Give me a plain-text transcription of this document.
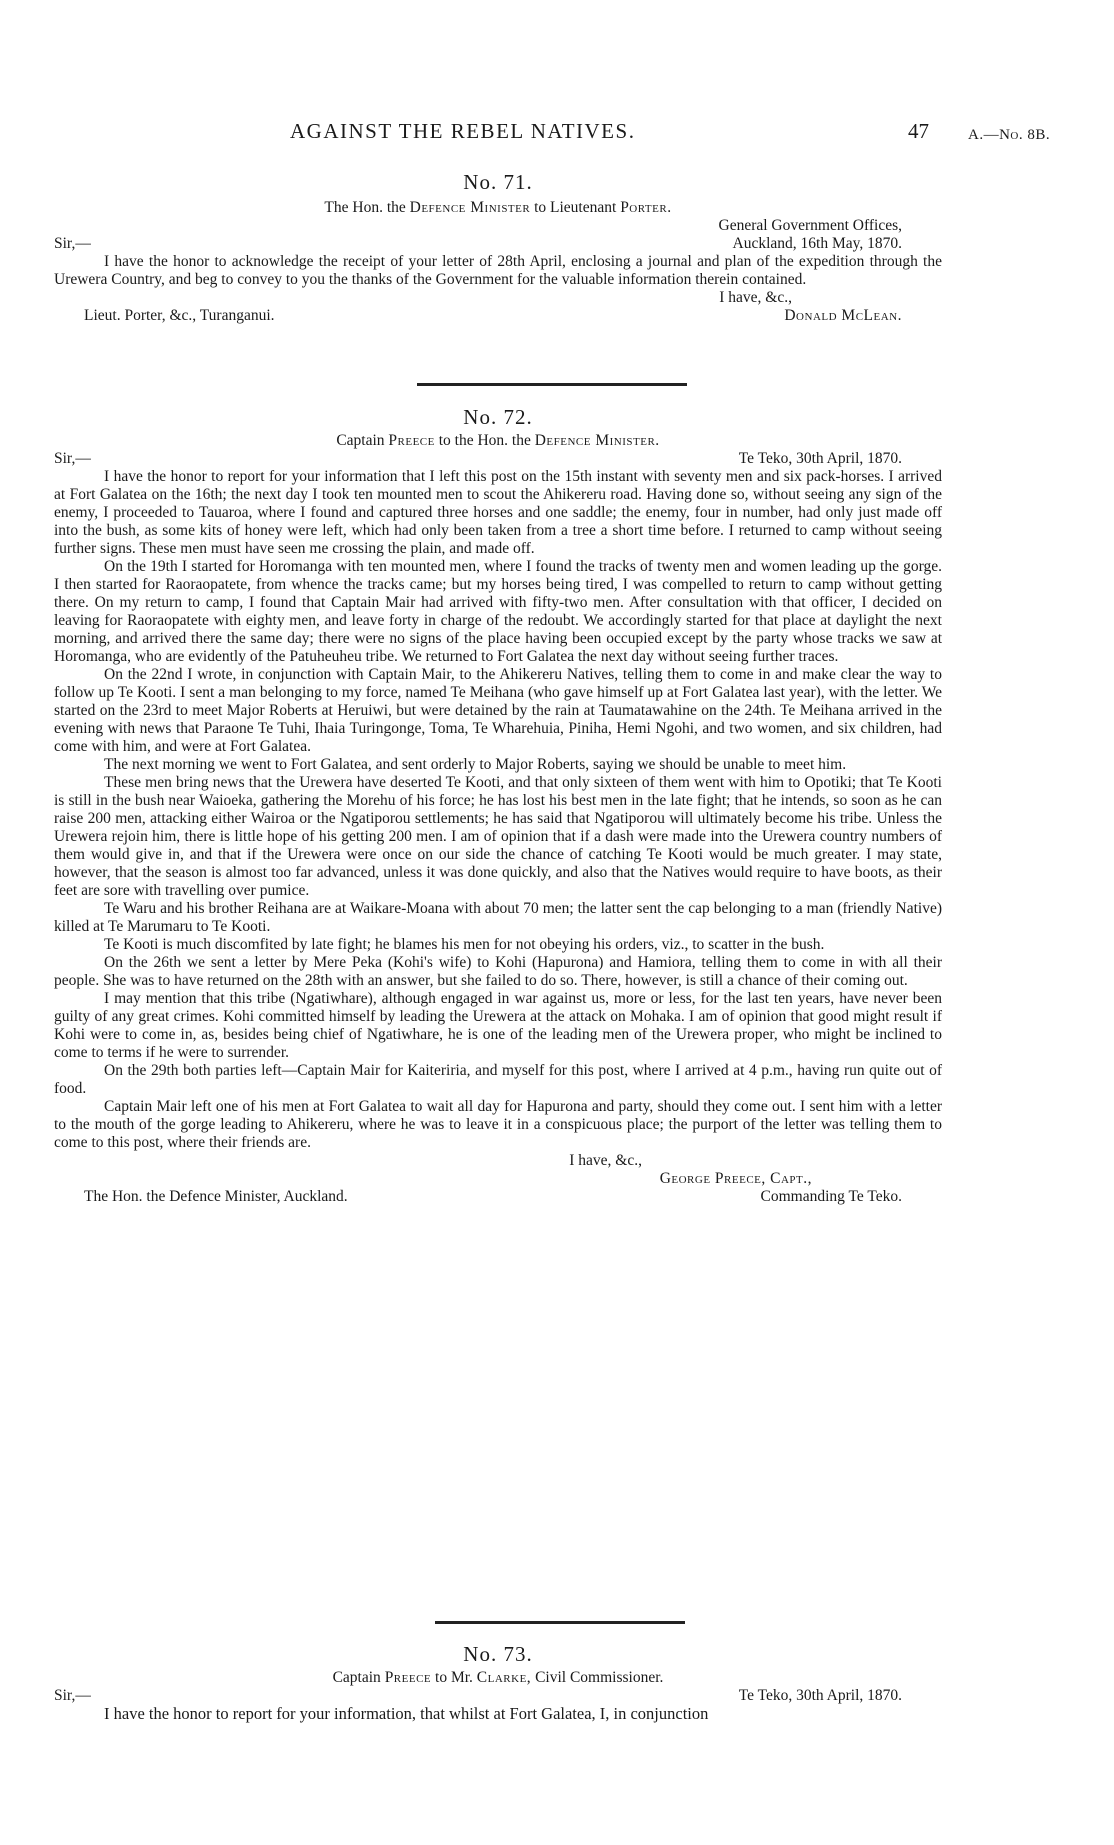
AGAINST THE REBEL NATIVES.	47	A.—No. 8B.

No. 71.

The Hon. the Defence Minister to Lieutenant Porter.

General Government Offices,

Sir,—	Auckland, 16th May, 1870.

I have the honor to acknowledge the receipt of your letter of 28th April, enclosing a journal and plan of the expedition through the Urewera Country, and beg to convey to you the thanks of the Government for the valuable information therein contained.

I have, &c.,

Lieut. Porter, &c., Turanganui.	Donald McLean.

No. 72.

Captain Preece to the Hon. the Defence Minister.

Sir,—	Te Teko, 30th April, 1870.

I have the honor to report for your information that I left this post on the 15th instant with seventy men and six pack-horses. I arrived at Fort Galatea on the 16th; the next day I took ten mounted men to scout the Ahikereru road. Having done so, without seeing any sign of the enemy, I proceeded to Tauaroa, where I found and captured three horses and one saddle; the enemy, four in number, had only just made off into the bush, as some kits of honey were left, which had only been taken from a tree a short time before. I returned to camp without seeing further signs. These men must have seen me crossing the plain, and made off.

On the 19th I started for Horomanga with ten mounted men, where I found the tracks of twenty men and women leading up the gorge. I then started for Raoraopatete, from whence the tracks came; but my horses being tired, I was compelled to return to camp without getting there. On my return to camp, I found that Captain Mair had arrived with fifty-two men. After consultation with that officer, I decided on leaving for Raoraopatete with eighty men, and leave forty in charge of the redoubt. We accordingly started for that place at daylight the next morning, and arrived there the same day; there were no signs of the place having been occupied except by the party whose tracks we saw at Horomanga, who are evidently of the Patuheuheu tribe. We returned to Fort Galatea the next day without seeing further traces.

On the 22nd I wrote, in conjunction with Captain Mair, to the Ahikereru Natives, telling them to come in and make clear the way to follow up Te Kooti. I sent a man belonging to my force, named Te Meihana (who gave himself up at Fort Galatea last year), with the letter. We started on the 23rd to meet Major Roberts at Heruiwi, but were detained by the rain at Taumatawahine on the 24th. Te Meihana arrived in the evening with news that Paraone Te Tuhi, Ihaia Turingonge, Toma, Te Wharehuia, Piniha, Hemi Ngohi, and two women, and six children, had come with him, and were at Fort Galatea.

The next morning we went to Fort Galatea, and sent orderly to Major Roberts, saying we should be unable to meet him.

These men bring news that the Urewera have deserted Te Kooti, and that only sixteen of them went with him to Opotiki; that Te Kooti is still in the bush near Waioeka, gathering the Morehu of his force; he has lost his best men in the late fight; that he intends, so soon as he can raise 200 men, attacking either Wairoa or the Ngatiporou settlements; he has said that Ngatiporou will ultimately become his tribe. Unless the Urewera rejoin him, there is little hope of his getting 200 men. I am of opinion that if a dash were made into the Urewera country numbers of them would give in, and that if the Urewera were once on our side the chance of catching Te Kooti would be much greater. I may state, however, that the season is almost too far advanced, unless it was done quickly, and also that the Natives would require to have boots, as their feet are sore with travelling over pumice.

Te Waru and his brother Reihana are at Waikare-Moana with about 70 men; the latter sent the cap belonging to a man (friendly Native) killed at Te Marumaru to Te Kooti.

Te Kooti is much discomfited by late fight; he blames his men for not obeying his orders, viz., to scatter in the bush.

On the 26th we sent a letter by Mere Peka (Kohi's wife) to Kohi (Hapurona) and Hamiora, telling them to come in with all their people. She was to have returned on the 28th with an answer, but she failed to do so. There, however, is still a chance of their coming out.

I may mention that this tribe (Ngatiwhare), although engaged in war against us, more or less, for the last ten years, have never been guilty of any great crimes. Kohi committed himself by leading the Urewera at the attack on Mohaka. I am of opinion that good might result if Kohi were to come in, as, besides being chief of Ngatiwhare, he is one of the leading men of the Urewera proper, who might be inclined to come to terms if he were to surrender.

On the 29th both parties left—Captain Mair for Kaiteriria, and myself for this post, where I arrived at 4 p.m., having run quite out of food.

Captain Mair left one of his men at Fort Galatea to wait all day for Hapurona and party, should they come out. I sent him with a letter to the mouth of the gorge leading to Ahikereru, where he was to leave it in a conspicuous place; the purport of the letter was telling them to come to this post, where their friends are.

I have, &c.,

George Preece, Capt.,

The Hon. the Defence Minister, Auckland.	Commanding Te Teko.

No. 73.

Captain Preece to Mr. Clarke, Civil Commissioner.

Sir,—	Te Teko, 30th April, 1870.

I have the honor to report for your information, that whilst at Fort Galatea, I, in conjunction
